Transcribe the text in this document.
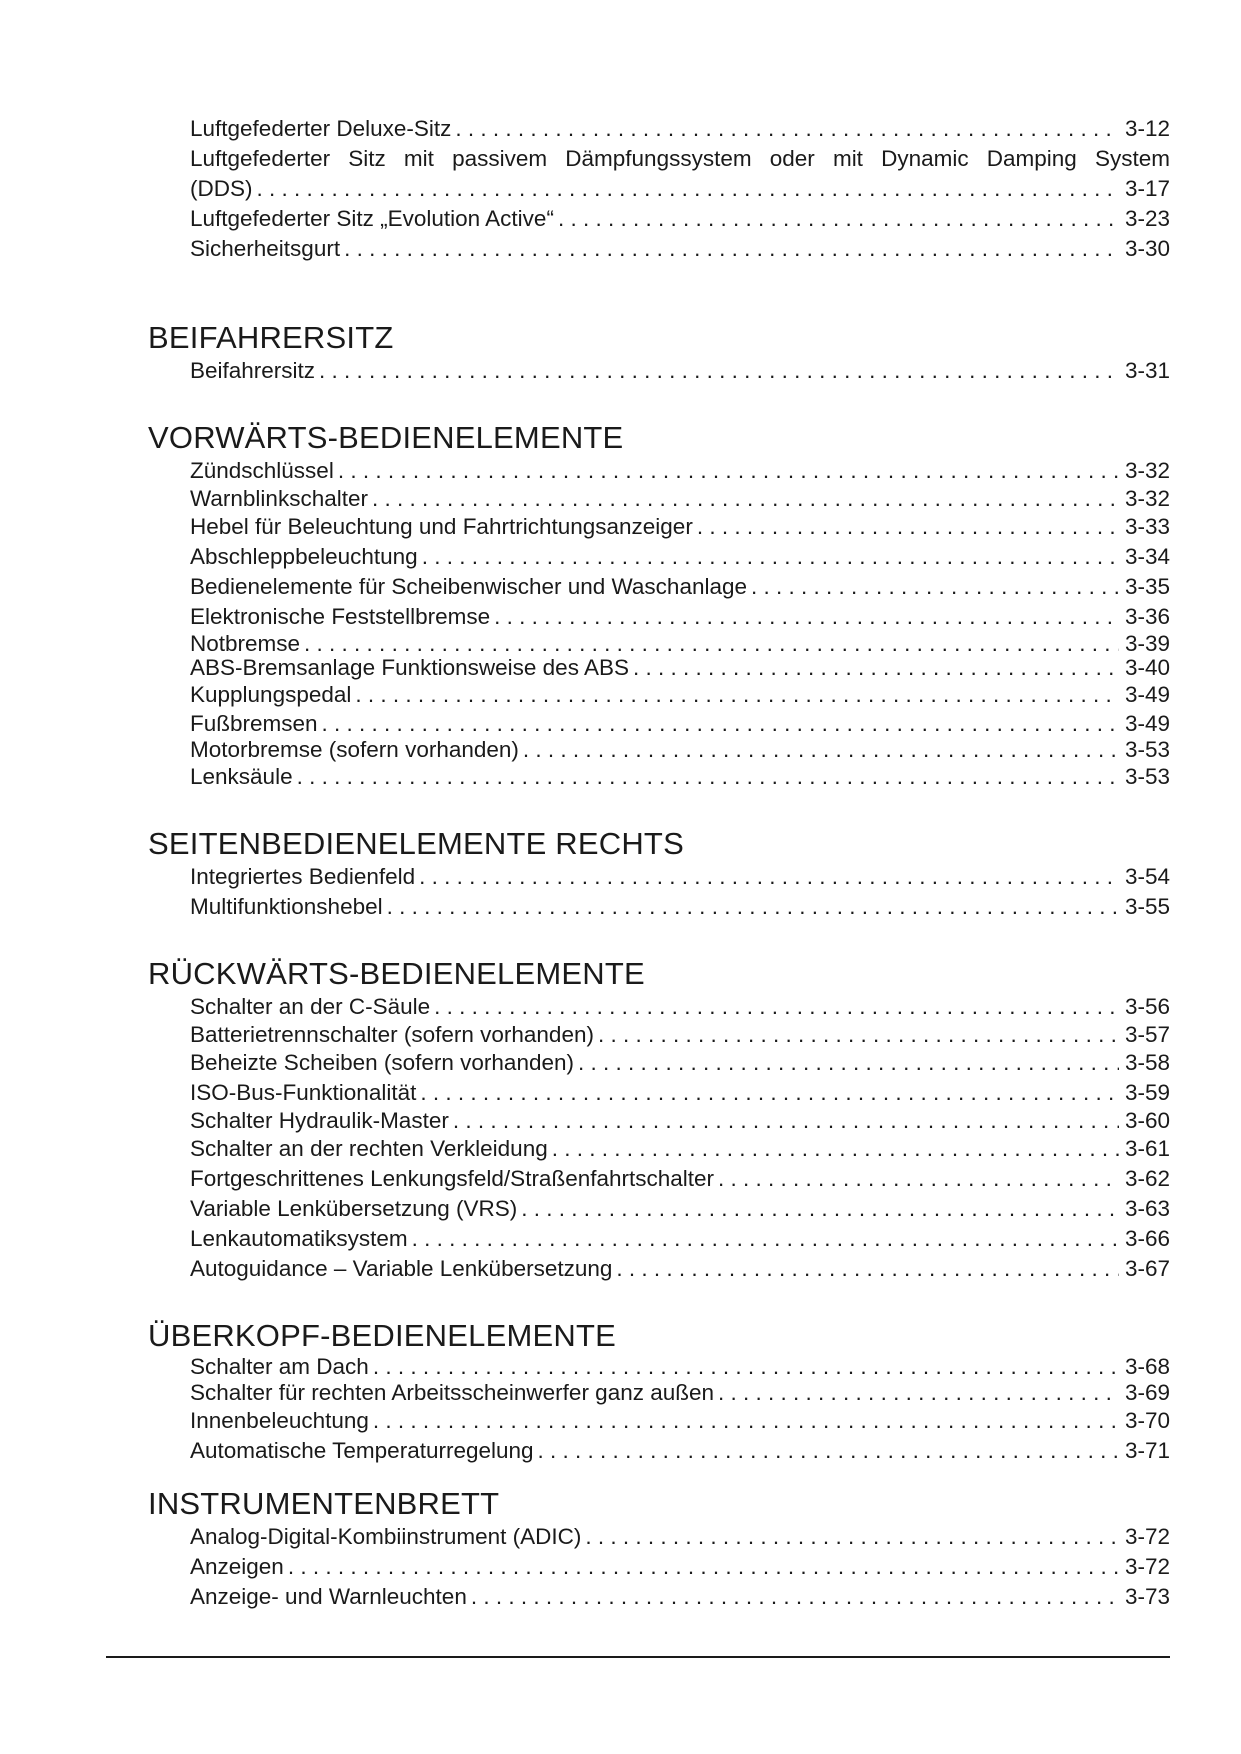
Luftgefederter Deluxe-Sitz . . .	3-12
Luftgefederter Sitz mit passivem Dämpfungssystem oder mit Dynamic Damping System
(DDS) . . .	3-17
Luftgefederter Sitz „Evolution Active“ . . .	3-23
Sicherheitsgurt . . .	3-30
BEIFAHRERSITZ
Beifahrersitz . . .	3-31
VORWÄRTS-BEDIENELEMENTE
Zündschlüssel . . .	3-32
Warnblinkschalter . . .	3-32
Hebel für Beleuchtung und Fahrtrichtungsanzeiger . . .	3-33
Abschleppbeleuchtung . . .	3-34
Bedienelemente für Scheibenwischer und Waschanlage . . .	3-35
Elektronische Feststellbremse . . .	3-36
Notbremse . . .	3-39
ABS-Bremsanlage Funktionsweise des ABS . . .	3-40
Kupplungspedal . . .	3-49
Fußbremsen . . .	3-49
Motorbremse (sofern vorhanden) . . .	3-53
Lenksäule . . .	3-53
SEITENBEDIENELEMENTE RECHTS
Integriertes Bedienfeld . . .	3-54
Multifunktionshebel . . .	3-55
RÜCKWÄRTS-BEDIENELEMENTE
Schalter an der C-Säule . . .	3-56
Batterietrennschalter (sofern vorhanden) . . .	3-57
Beheizte Scheiben (sofern vorhanden) . . .	3-58
ISO-Bus-Funktionalität . . .	3-59
Schalter Hydraulik-Master . . .	3-60
Schalter an der rechten Verkleidung . . .	3-61
Fortgeschrittenes Lenkungsfeld/Straßenfahrtschalter . . .	3-62
Variable Lenkübersetzung (VRS) . . .	3-63
Lenkautomatiksystem . . .	3-66
Autoguidance – Variable Lenkübersetzung . . .	3-67
ÜBERKOPF-BEDIENELEMENTE
Schalter am Dach . . .	3-68
Schalter für rechten Arbeitsscheinwerfer ganz außen . . .	3-69
Innenbeleuchtung . . .	3-70
Automatische Temperaturregelung . . .	3-71
INSTRUMENTENBRETT
Analog-Digital-Kombiinstrument (ADIC) . . .	3-72
Anzeigen . . .	3-72
Anzeige- und Warnleuchten . . .	3-73
